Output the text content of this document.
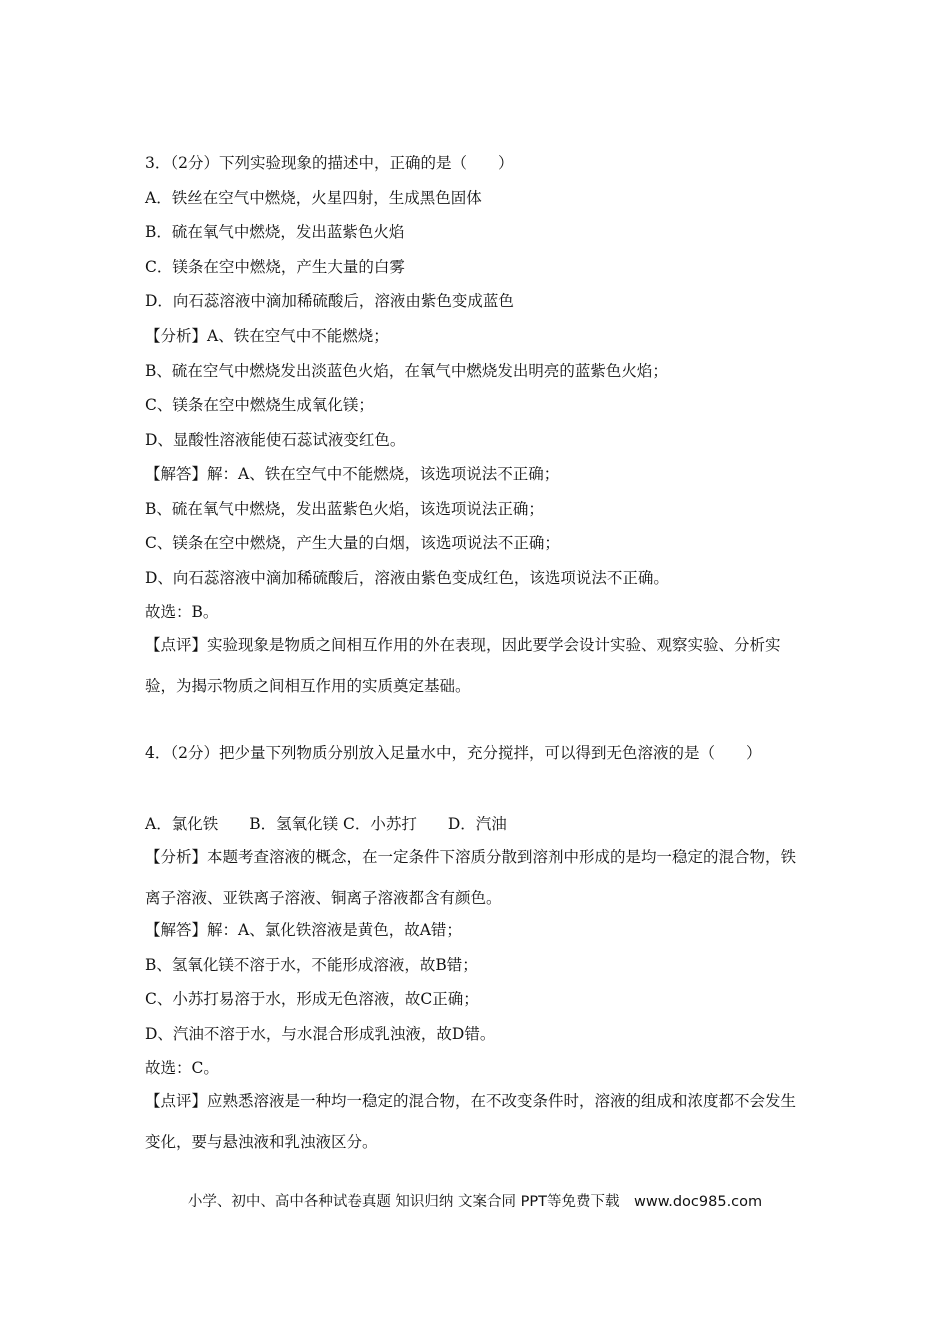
3．（2分）下列实验现象的描述中，正确的是（　　）
A．铁丝在空气中燃烧，火星四射，生成黑色固体
B．硫在氧气中燃烧，发出蓝紫色火焰
C．镁条在空中燃烧，产生大量的白雾
D．向石蕊溶液中滴加稀硫酸后，溶液由紫色变成蓝色
【分析】A、铁在空气中不能燃烧；
B、硫在空气中燃烧发出淡蓝色火焰，在氧气中燃烧发出明亮的蓝紫色火焰；
C、镁条在空中燃烧生成氧化镁；
D、显酸性溶液能使石蕊试液变红色。
【解答】解：A、铁在空气中不能燃烧，该选项说法不正确；
B、硫在氧气中燃烧，发出蓝紫色火焰，该选项说法正确；
C、镁条在空中燃烧，产生大量的白烟，该选项说法不正确；
D、向石蕊溶液中滴加稀硫酸后，溶液由紫色变成红色，该选项说法不正确。
故选：B。
【点评】实验现象是物质之间相互作用的外在表现，因此要学会设计实验、观察实验、分析实验，为揭示物质之间相互作用的实质奠定基础。
4．（2分）把少量下列物质分别放入足量水中，充分搅拌，可以得到无色溶液的是（　　）
A．氯化铁　　B．氢氧化镁 C．小苏打　　D．汽油
【分析】本题考查溶液的概念，在一定条件下溶质分散到溶剂中形成的是均一稳定的混合物，铁离子溶液、亚铁离子溶液、铜离子溶液都含有颜色。
【解答】解：A、氯化铁溶液是黄色，故A错；
B、氢氧化镁不溶于水，不能形成溶液，故B错；
C、小苏打易溶于水，形成无色溶液，故C正确；
D、汽油不溶于水，与水混合形成乳浊液，故D错。
故选：C。
【点评】应熟悉溶液是一种均一稳定的混合物，在不改变条件时，溶液的组成和浓度都不会发生变化，要与悬浊液和乳浊液区分。
小学、初中、高中各种试卷真题 知识归纳 文案合同 PPT等免费下载　www.doc985.com
